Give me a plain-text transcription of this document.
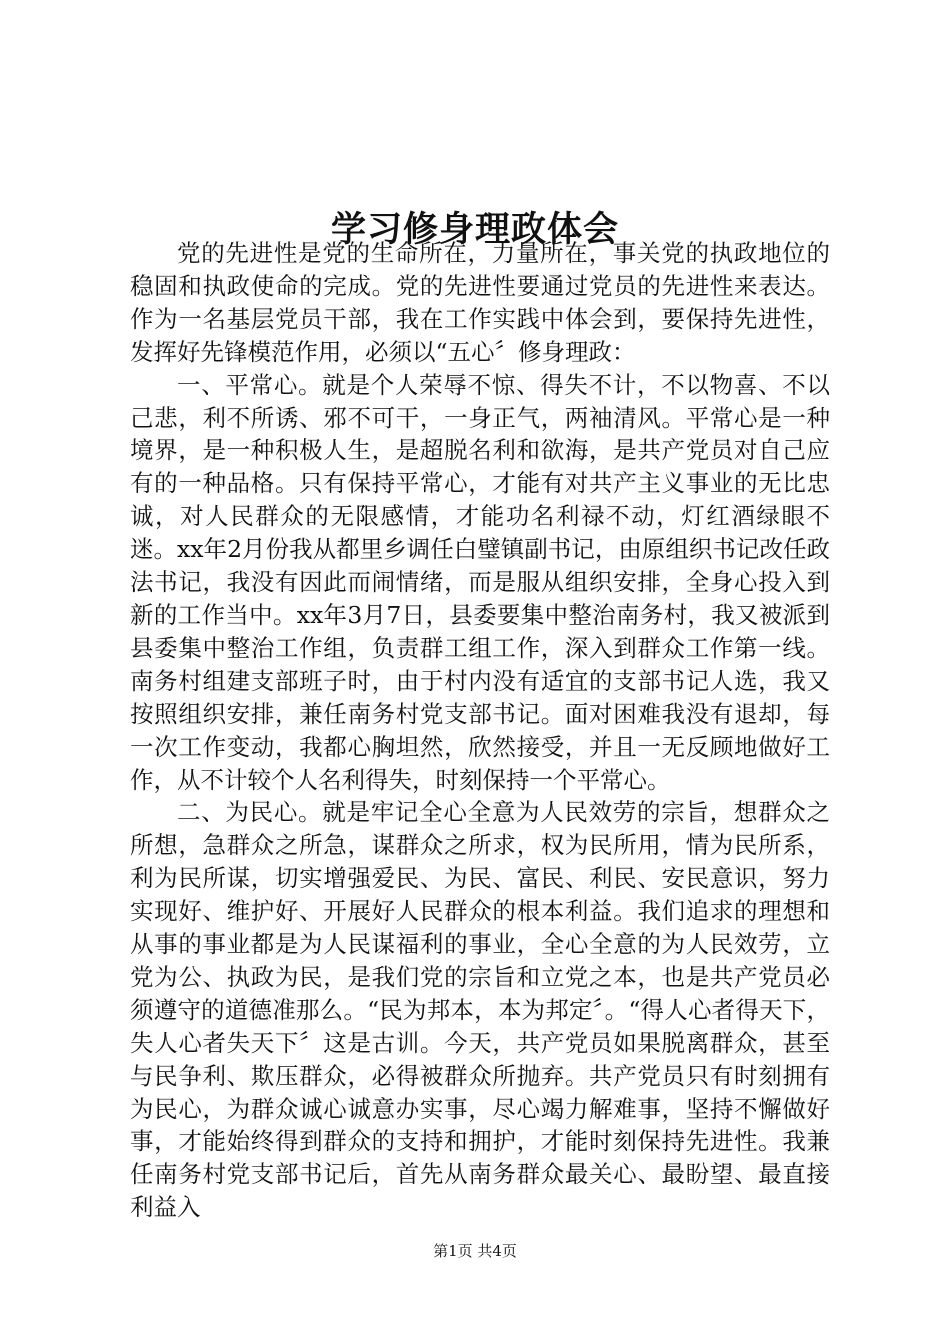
学习修身理政体会

党的先进性是党的生命所在，力量所在，事关党的执政地位的稳固和执政使命的完成。党的先进性要通过党员的先进性来表达。作为一名基层党员干部，我在工作实践中体会到，要保持先进性，发挥好先锋模范作用，必须以“五心〞修身理政：

一、平常心。就是个人荣辱不惊、得失不计，不以物喜、不以己悲，利不所诱、邪不可干，一身正气，两袖清风。平常心是一种境界，是一种积极人生，是超脱名利和欲海，是共产党员对自己应有的一种品格。只有保持平常心，才能有对共产主义事业的无比忠诚，对人民群众的无限感情，才能功名利禄不动，灯红酒绿眼不迷。xx年2月份我从都里乡调任白璧镇副书记，由原组织书记改任政法书记，我没有因此而闹情绪，而是服从组织安排，全身心投入到新的工作当中。xx年3月7日，县委要集中整治南务村，我又被派到县委集中整治工作组，负责群工组工作，深入到群众工作第一线。南务村组建支部班子时，由于村内没有适宜的支部书记人选，我又按照组织安排，兼任南务村党支部书记。面对困难我没有退却，每一次工作变动，我都心胸坦然，欣然接受，并且一无反顾地做好工作，从不计较个人名利得失，时刻保持一个平常心。

二、为民心。就是牢记全心全意为人民效劳的宗旨，想群众之所想，急群众之所急，谋群众之所求，权为民所用，情为民所系，利为民所谋，切实增强爱民、为民、富民、利民、安民意识，努力实现好、维护好、开展好人民群众的根本利益。我们追求的理想和从事的事业都是为人民谋福利的事业，全心全意的为人民效劳，立党为公、执政为民，是我们党的宗旨和立党之本，也是共产党员必须遵守的道德准那么。“民为邦本，本为邦定〞。“得人心者得天下，失人心者失天下〞这是古训。今天，共产党员如果脱离群众，甚至与民争利、欺压群众，必得被群众所抛弃。共产党员只有时刻拥有为民心，为群众诚心诚意办实事，尽心竭力解难事，坚持不懈做好事，才能始终得到群众的支持和拥护，才能时刻保持先进性。我兼任南务村党支部书记后，首先从南务群众最关心、最盼望、最直接利益入

第1页 共4页
